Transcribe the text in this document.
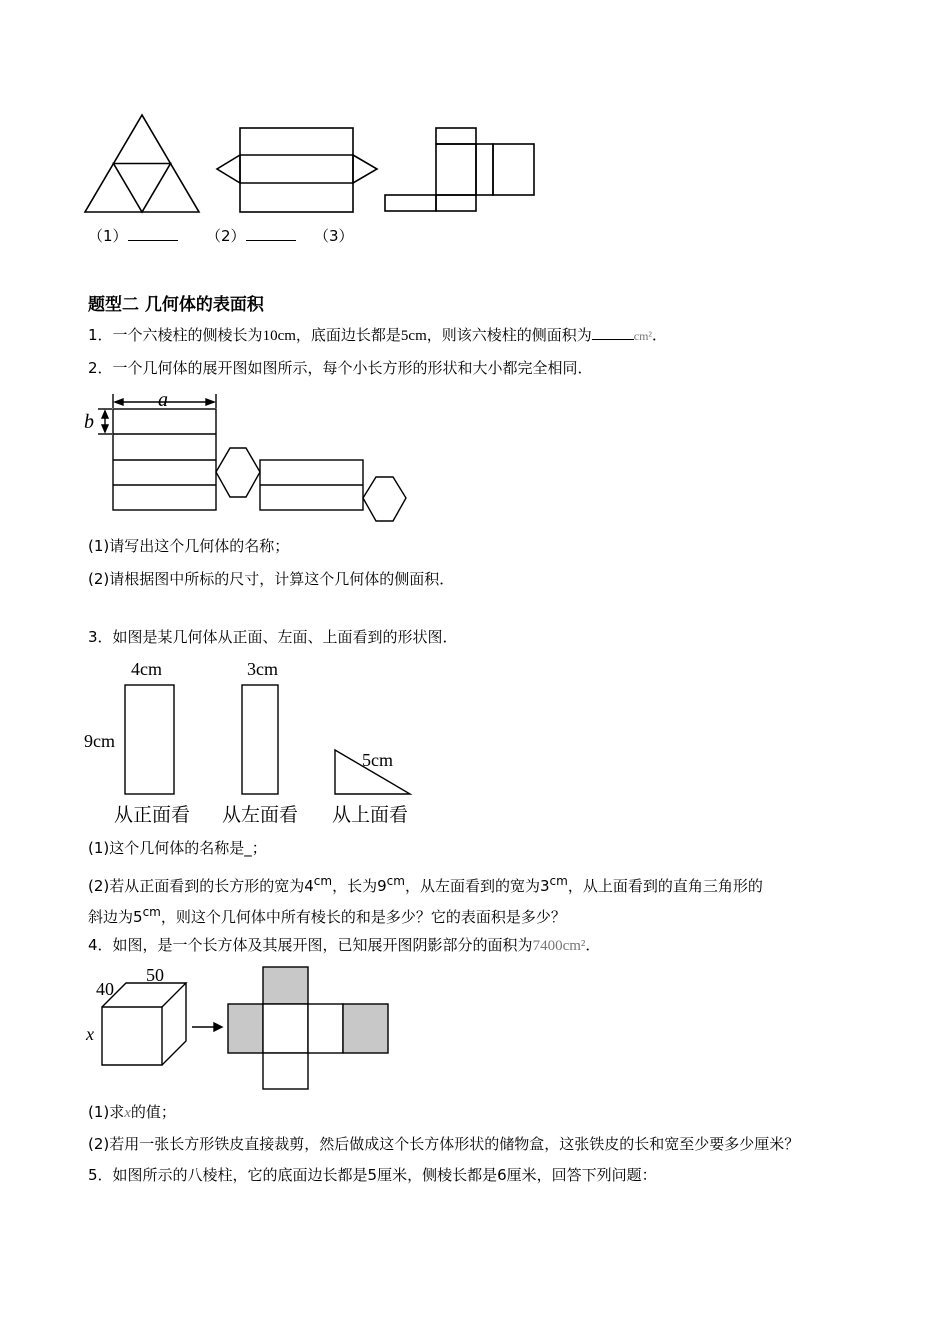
（1）	（2）	（3）
题型二 几何体的表面积
1．一个六棱柱的侧棱长为10cm，底面边长都是5cm，则该六棱柱的侧面积为	cm²．
2．一个几何体的展开图如图所示，每个小长方形的形状和大小都完全相同．
a
b
(1)请写出这个几何体的名称；
(2)请根据图中所标的尺寸，计算这个几何体的侧面积．
3．如图是某几何体从正面、左面、上面看到的形状图．
4cm	3cm
9cm
5cm
从正面看 从左面看 从上面看
(1)这个几何体的名称是_；
(2)若从正面看到的长方形的宽为$4^{cm}$，长为$9^{cm}$，从左面看到的宽为$3^{cm}$，从上面看到的直角三角形的
斜边为$5^{cm}$，则这个几何体中所有棱长的和是多少？它的表面积是多少？
4．如图，是一个长方体及其展开图，已知展开图阴影部分的面积为7400cm²．
40
50
x
(1)求x的值；
(2)若用一张长方形铁皮直接裁剪，然后做成这个长方体形状的储物盒，这张铁皮的长和宽至少要多少厘米？
5．如图所示的八棱柱，它的底面边长都是5厘米，侧棱长都是6厘米，回答下列问题：
